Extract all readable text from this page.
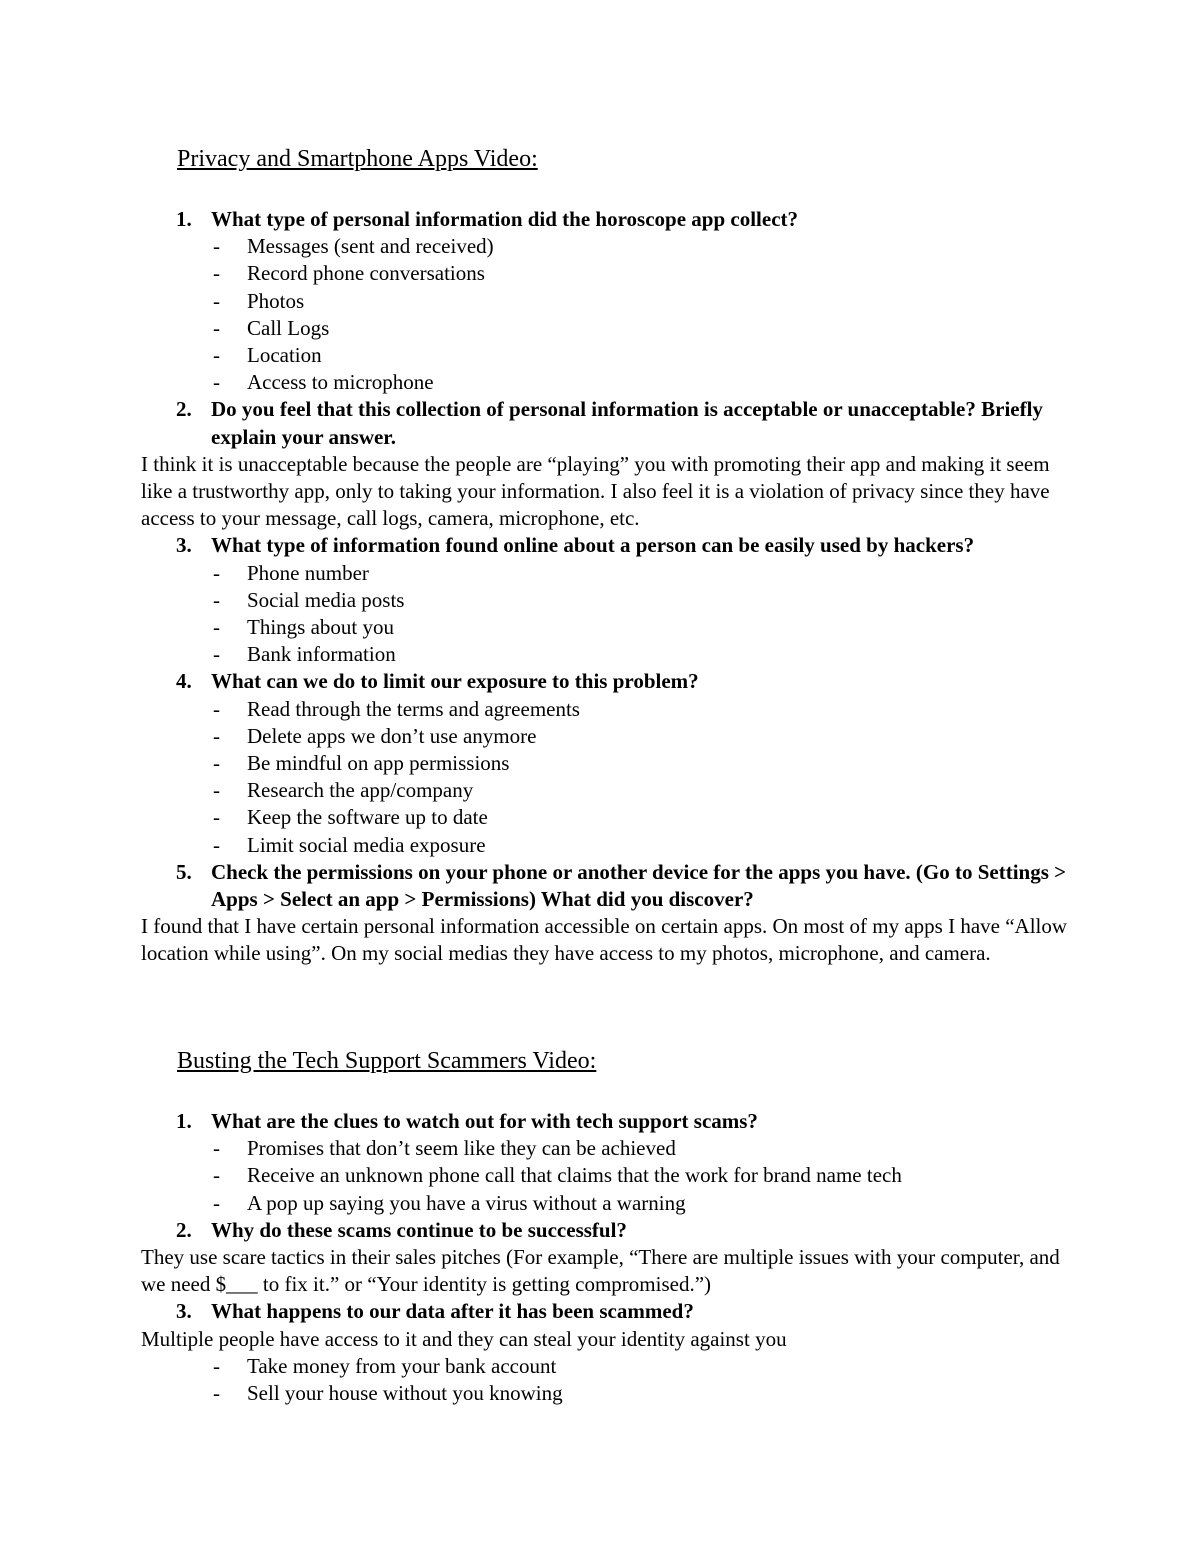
Privacy and Smartphone Apps Video:
1. What type of personal information did the horoscope app collect?
- Messages (sent and received)
- Record phone conversations
- Photos
- Call Logs
- Location
- Access to microphone
2. Do you feel that this collection of personal information is acceptable or unacceptable? Briefly explain your answer.
I think it is unacceptable because the people are “playing” you with promoting their app and making it seem like a trustworthy app, only to taking your information. I also feel it is a violation of privacy since they have access to your message, call logs, camera, microphone, etc.
3. What type of information found online about a person can be easily used by hackers?
- Phone number
- Social media posts
- Things about you
- Bank information
4. What can we do to limit our exposure to this problem?
- Read through the terms and agreements
- Delete apps we don’t use anymore
- Be mindful on app permissions
- Research the app/company
- Keep the software up to date
- Limit social media exposure
5. Check the permissions on your phone or another device for the apps you have. (Go to Settings > Apps > Select an app > Permissions) What did you discover?
I found that I have certain personal information accessible on certain apps. On most of my apps I have “Allow location while using”. On my social medias they have access to my photos, microphone, and camera.
Busting the Tech Support Scammers Video:
1. What are the clues to watch out for with tech support scams?
- Promises that don’t seem like they can be achieved
- Receive an unknown phone call that claims that the work for brand name tech
- A pop up saying you have a virus without a warning
2. Why do these scams continue to be successful?
They use scare tactics in their sales pitches (For example, “There are multiple issues with your computer, and we need $___ to fix it.” or “Your identity is getting compromised.”)
3. What happens to our data after it has been scammed?
Multiple people have access to it and they can steal your identity against you
- Take money from your bank account
- Sell your house without you knowing
